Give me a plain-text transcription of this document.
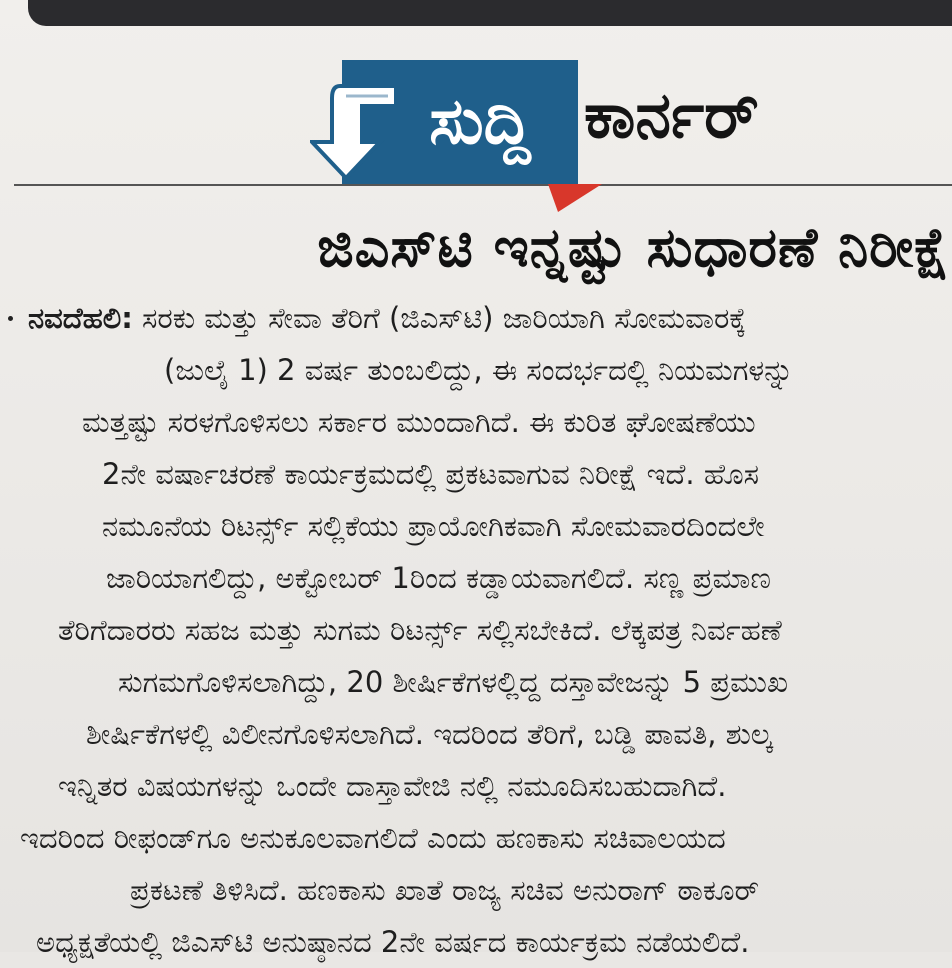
ಸುದ್ದಿ ಕಾರ್ನರ್
ಜಿಎಸ್‌ಟಿ ಇನ್ನಷ್ಟು ಸುಧಾರಣೆ ನಿರೀಕ್ಷೆ
ನವದೆಹಲಿ: ಸರಕು ಮತ್ತು ಸೇವಾ ತೆರಿಗೆ (ಜಿಎಸ್‌ಟಿ) ಜಾರಿಯಾಗಿ ಸೋಮವಾರಕ್ಕೆ
(ಜುಲೈ 1) 2 ವರ್ಷ ತುಂಬಲಿದ್ದು, ಈ ಸಂದರ್ಭದಲ್ಲಿ ನಿಯಮಗಳನ್ನು
ಮತ್ತಷ್ಟು ಸರಳಗೊಳಿಸಲು ಸರ್ಕಾರ ಮುಂದಾಗಿದೆ. ಈ ಕುರಿತ ಘೋಷಣೆಯು
2ನೇ ವರ್ಷಾಚರಣೆ ಕಾರ್ಯಕ್ರಮದಲ್ಲಿ ಪ್ರಕಟವಾಗುವ ನಿರೀಕ್ಷೆ ಇದೆ. ಹೊಸ
ನಮೂನೆಯ ರಿಟರ್ನ್ಸ್ ಸಲ್ಲಿಕೆಯು ಪ್ರಾಯೋಗಿಕವಾಗಿ ಸೋಮವಾರದಿಂದಲೇ
ಜಾರಿಯಾಗಲಿದ್ದು, ಅಕ್ಟೋಬರ್ 1ರಿಂದ ಕಡ್ಡಾಯವಾಗಲಿದೆ. ಸಣ್ಣ ಪ್ರಮಾಣ
ತೆರಿಗೆದಾರರು ಸಹಜ ಮತ್ತು ಸುಗಮ ರಿಟರ್ನ್ಸ್ ಸಲ್ಲಿಸಬೇಕಿದೆ. ಲೆಕ್ಕಪತ್ರ ನಿರ್ವಹಣೆ
ಸುಗಮಗೊಳಿಸಲಾಗಿದ್ದು, 20 ಶೀರ್ಷಿಕೆಗಳಲ್ಲಿದ್ದ ದಸ್ತಾವೇಜನ್ನು 5 ಪ್ರಮುಖ
ಶೀರ್ಷಿಕೆಗಳಲ್ಲಿ ವಿಲೀನಗೊಳಿಸಲಾಗಿದೆ. ಇದರಿಂದ ತೆರಿಗೆ, ಬಡ್ಡಿ ಪಾವತಿ, ಶುಲ್ಕ
ಇನ್ನಿತರ ವಿಷಯಗಳನ್ನು ಒಂದೇ ದಾಸ್ತಾವೇಜಿ ನಲ್ಲಿ ನಮೂದಿಸಬಹುದಾಗಿದೆ.
ಇದರಿಂದ ರೀಫಂಡ್‌ಗೂ ಅನುಕೂಲವಾಗಲಿದೆ ಎಂದು ಹಣಕಾಸು ಸಚಿವಾಲಯದ
ಪ್ರಕಟಣೆ ತಿಳಿಸಿದೆ. ಹಣಕಾಸು ಖಾತೆ ರಾಜ್ಯ ಸಚಿವ ಅನುರಾಗ್ ಠಾಕೂರ್
ಅಧ್ಯಕ್ಷತೆಯಲ್ಲಿ ಜಿಎಸ್‌ಟಿ ಅನುಷ್ಠಾನದ 2ನೇ ವರ್ಷದ ಕಾರ್ಯಕ್ರಮ ನಡೆಯಲಿದೆ.
